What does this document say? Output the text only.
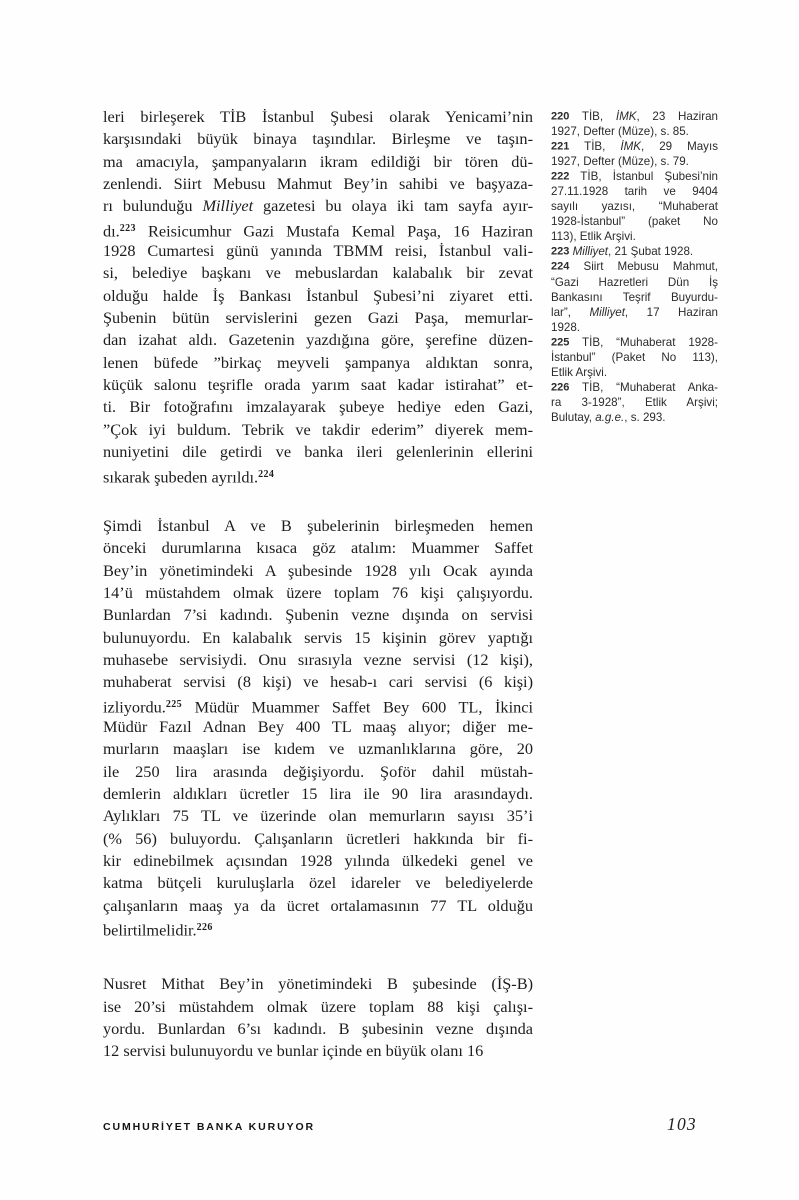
leri birleşerek TİB İstanbul Şubesi olarak Yenicami’nin
karşısındaki büyük binaya taşındılar. Birleşme ve taşın-
ma amacıyla, şampanyaların ikram edildiği bir tören dü-
zenlendi. Siirt Mebusu Mahmut Bey’in sahibi ve başyaza-
rı bulunduğu Milliyet gazetesi bu olaya iki tam sayfa ayır-
dı.$^{223}$ Reisicumhur Gazi Mustafa Kemal Paşa, 16 Haziran
1928 Cumartesi günü yanında TBMM reisi, İstanbul vali-
si, belediye başkanı ve mebuslardan kalabalık bir zevat
olduğu halde İş Bankası İstanbul Şubesi’ni ziyaret etti.
Şubenin bütün servislerini gezen Gazi Paşa, memurlar-
dan izahat aldı. Gazetenin yazdığına göre, şerefine düzen-
lenen büfede ”birkaç meyveli şampanya aldıktan sonra,
küçük salonu teşrifle orada yarım saat kadar istirahat” et-
ti. Bir fotoğrafını imzalayarak şubeye hediye eden Gazi,
”Çok iyi buldum. Tebrik ve takdir ederim” diyerek mem-
nuniyetini dile getirdi ve banka ileri gelenlerinin ellerini
sıkarak şubeden ayrıldı.$^{224}$
Şimdi İstanbul A ve B şubelerinin birleşmeden hemen
önceki durumlarına kısaca göz atalım: Muammer Saffet
Bey’in yönetimindeki A şubesinde 1928 yılı Ocak ayında
14’ü müstahdem olmak üzere toplam 76 kişi çalışıyordu.
Bunlardan 7’si kadındı. Şubenin vezne dışında on servisi
bulunuyordu. En kalabalık servis 15 kişinin görev yaptığı
muhasebe servisiydi. Onu sırasıyla vezne servisi (12 kişi),
muhaberat servisi (8 kişi) ve hesab-ı cari servisi (6 kişi)
izliyordu.$^{225}$ Müdür Muammer Saffet Bey 600 TL, İkinci
Müdür Fazıl Adnan Bey 400 TL maaş alıyor; diğer me-
murların maaşları ise kıdem ve uzmanlıklarına göre, 20
ile 250 lira arasında değişiyordu. Şoför dahil müstah-
demlerin aldıkları ücretler 15 lira ile 90 lira arasındaydı.
Aylıkları 75 TL ve üzerinde olan memurların sayısı 35’i
(% 56) buluyordu. Çalışanların ücretleri hakkında bir fi-
kir edinebilmek açısından 1928 yılında ülkedeki genel ve
katma bütçeli kuruluşlarla özel idareler ve belediyelerde
çalışanların maaş ya da ücret ortalamasının 77 TL olduğu
belirtilmelidir.$^{226}$
Nusret Mithat Bey’in yönetimindeki B şubesinde (İŞ-B)
ise 20’si müstahdem olmak üzere toplam 88 kişi çalışı-
yordu. Bunlardan 6’sı kadındı. B şubesinin vezne dışında
12 servisi bulunuyordu ve bunlar içinde en büyük olanı 16
220 TİB, İMK, 23 Haziran
1927, Defter (Müze), s. 85.
221 TİB, İMK, 29 Mayıs
1927, Defter (Müze), s. 79.
222 TİB, İstanbul Şubesi’nin
27.11.1928 tarih ve 9404
sayılı yazısı, “Muhaberat
1928-İstanbul” (paket No
113), Etlik Arşivi.
223 Milliyet, 21 Şubat 1928.
224 Siirt Mebusu Mahmut,
“Gazi Hazretleri Dün İş
Bankasını Teşrif Buyurdu-
lar”, Milliyet, 17 Haziran
1928.
225 TİB, “Muhaberat 1928-
İstanbul” (Paket No 113),
Etlik Arşivi.
226 TİB, “Muhaberat Anka-
ra 3-1928”, Etlik Arşivi;
Bulutay, a.g.e., s. 293.
CUMHURİYET BANKA KURUYOR	103
